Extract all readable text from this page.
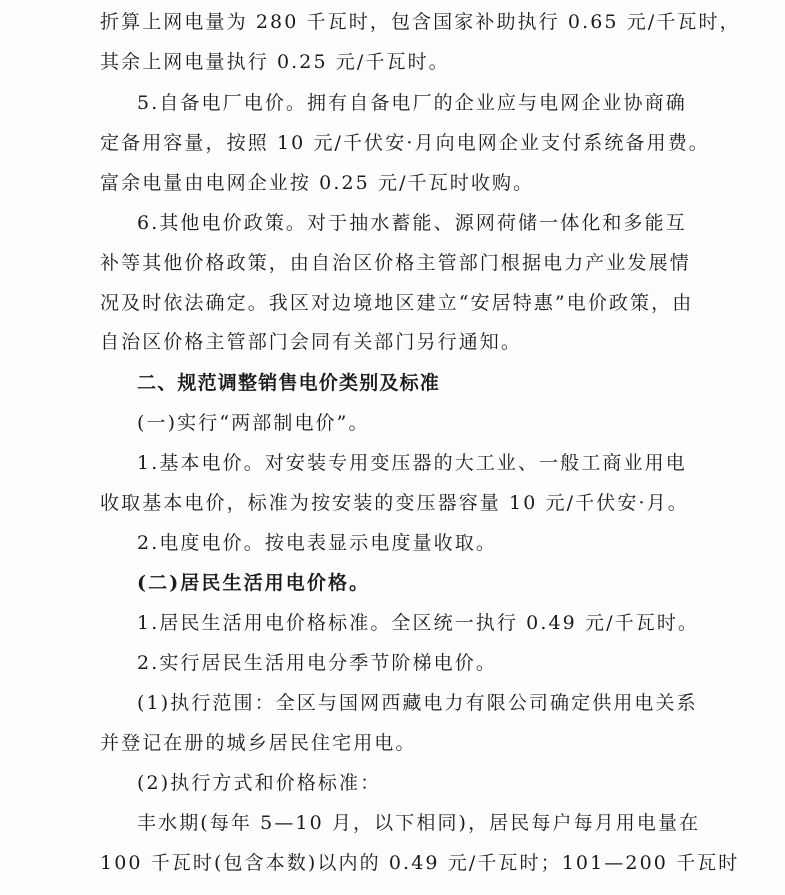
折算上网电量为 280 千瓦时，包含国家补助执行 0.65 元/千瓦时，
其余上网电量执行 0.25 元/千瓦时。
5.自备电厂电价。拥有自备电厂的企业应与电网企业协商确
定备用容量，按照 10 元/千伏安·月向电网企业支付系统备用费。
富余电量由电网企业按 0.25 元/千瓦时收购。
6.其他电价政策。对于抽水蓄能、源网荷储一体化和多能互
补等其他价格政策，由自治区价格主管部门根据电力产业发展情
况及时依法确定。我区对边境地区建立“安居特惠”电价政策，由
自治区价格主管部门会同有关部门另行通知。
二、规范调整销售电价类别及标准
(一)实行“两部制电价”。
1.基本电价。对安装专用变压器的大工业、一般工商业用电
收取基本电价，标准为按安装的变压器容量 10 元/千伏安·月。
2.电度电价。按电表显示电度量收取。
(二)居民生活用电价格。
1.居民生活用电价格标准。全区统一执行 0.49 元/千瓦时。
2.实行居民生活用电分季节阶梯电价。
(1)执行范围：全区与国网西藏电力有限公司确定供用电关系
并登记在册的城乡居民住宅用电。
(2)执行方式和价格标准：
丰水期(每年 5—10 月，以下相同)，居民每户每月用电量在
100 千瓦时(包含本数)以内的 0.49 元/千瓦时；101—200 千瓦时
